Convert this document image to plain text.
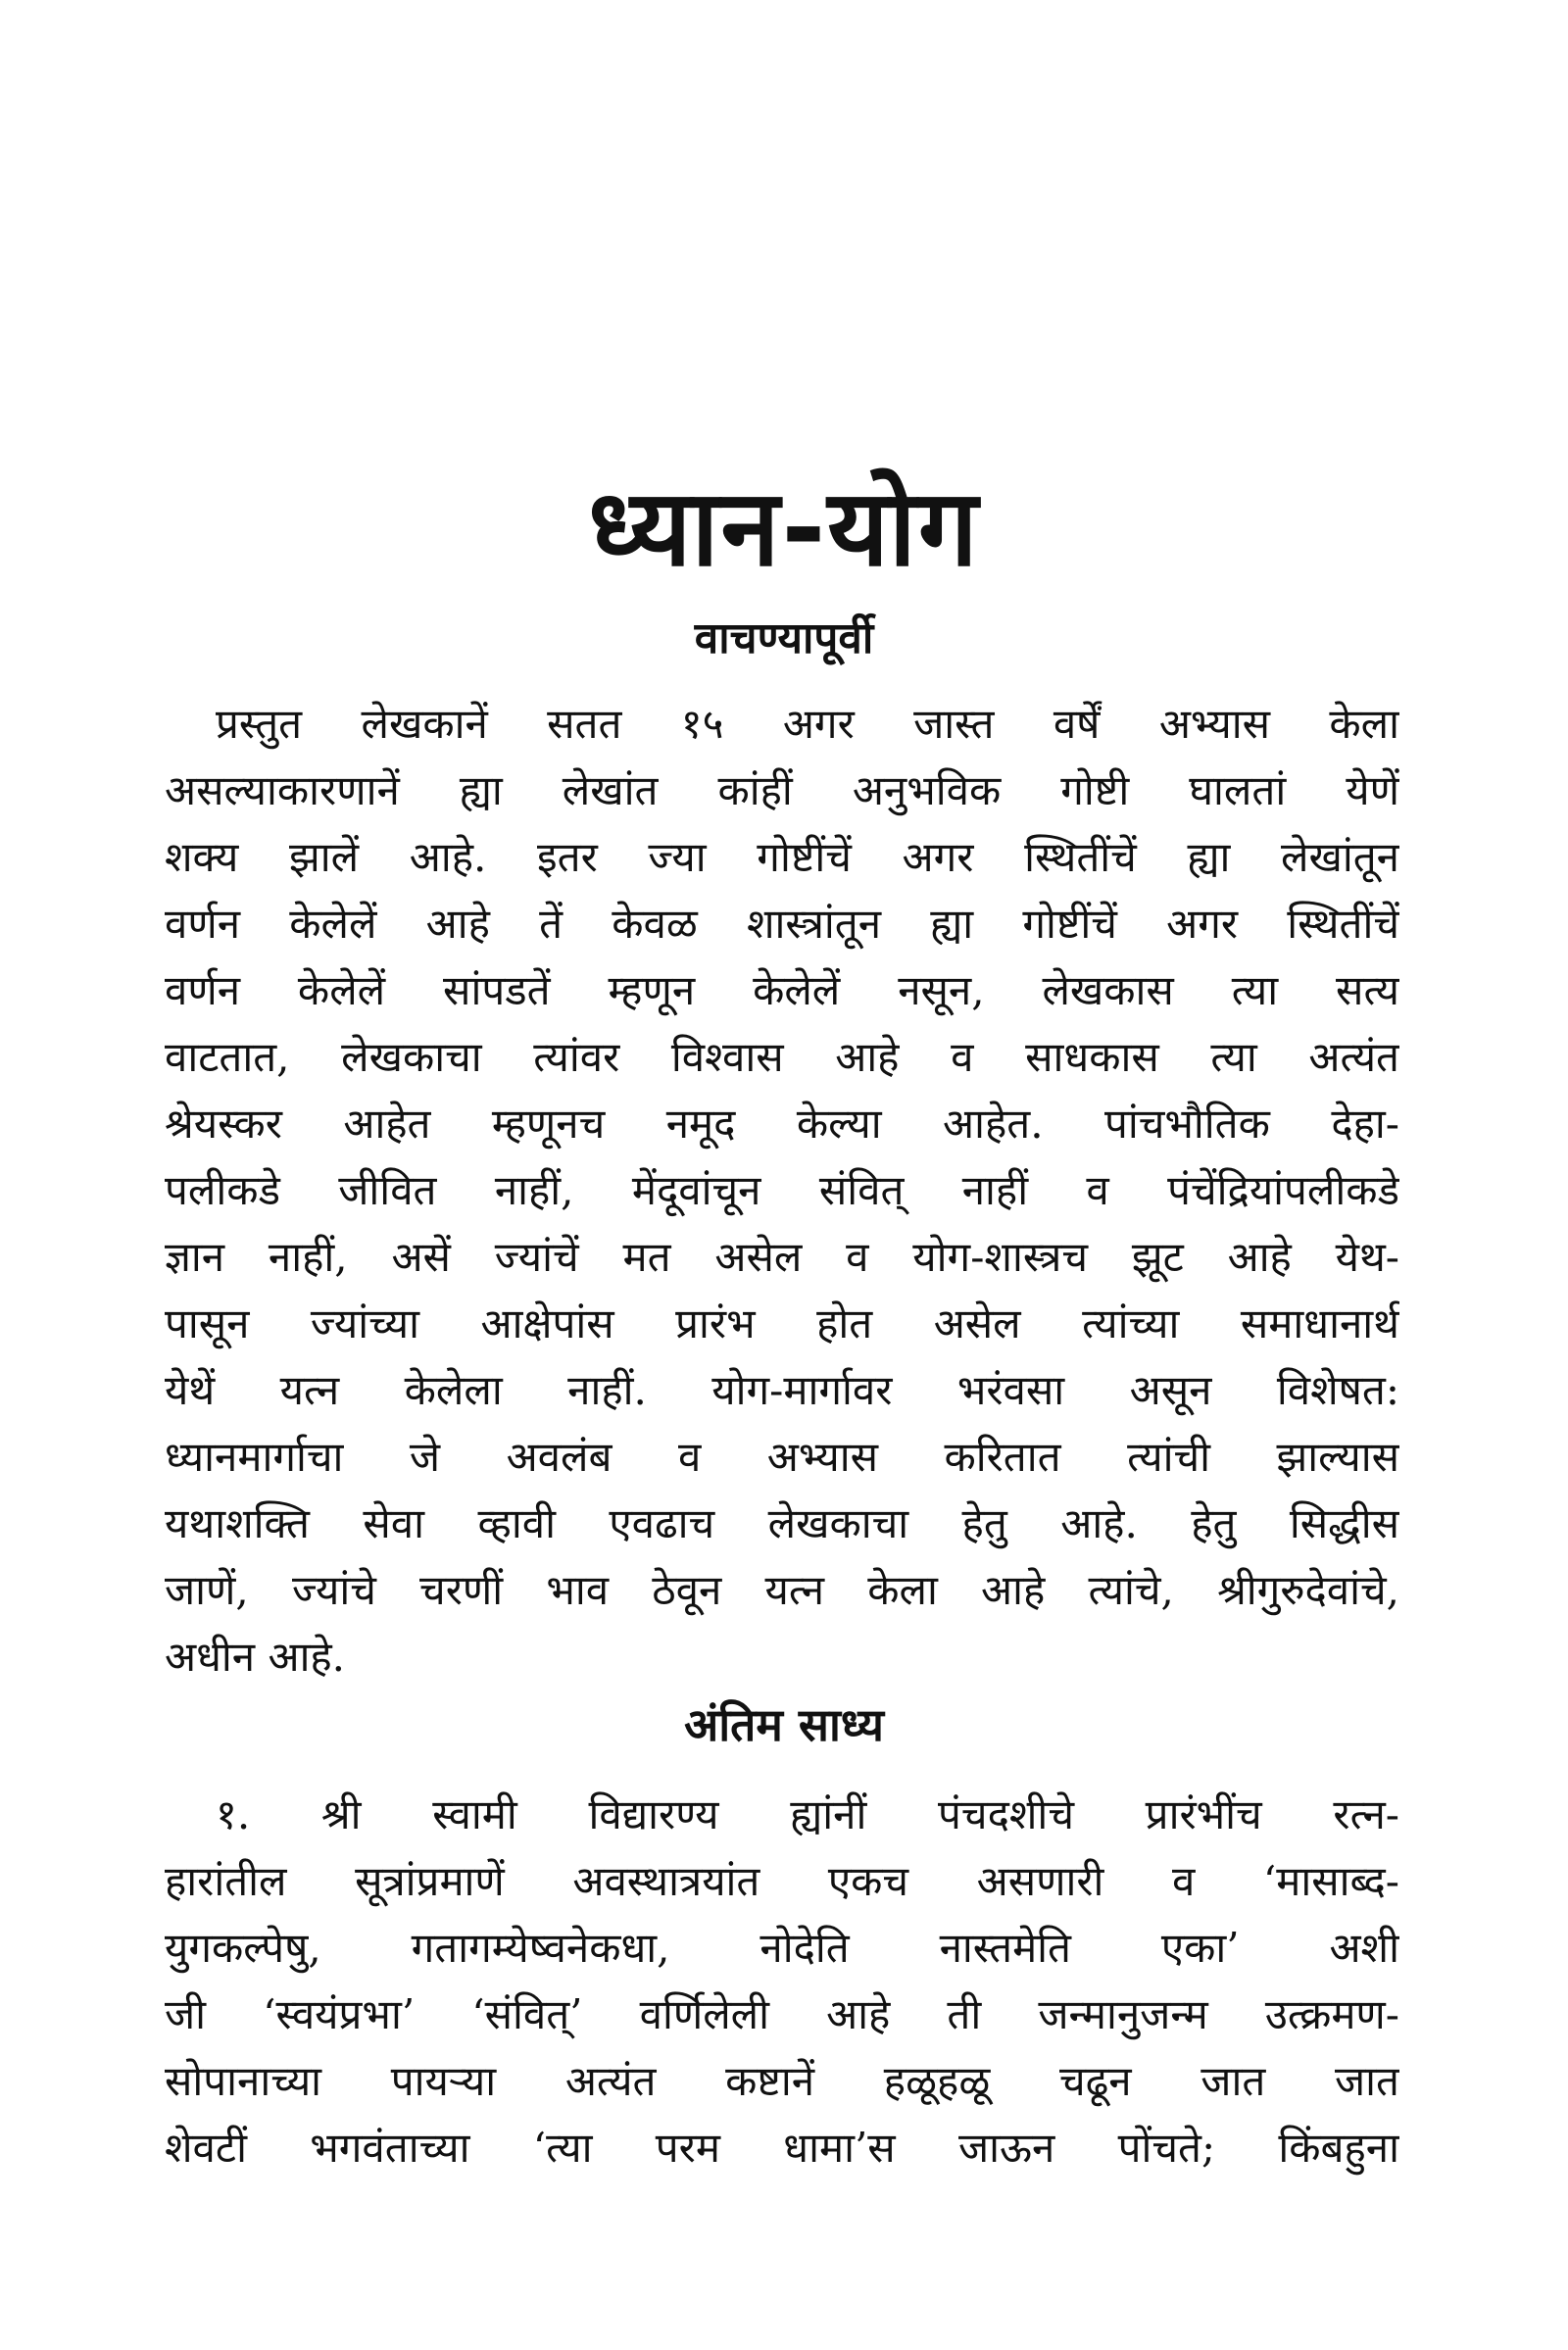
ध्यान-योग
वाचण्यापूर्वी
प्रस्तुत लेखकानें सतत १५ अगर जास्त वर्षें अभ्यास केला
असल्याकारणानें ह्या लेखांत कांहीं अनुभविक गोष्टी घालतां येणें
शक्य झालें आहे. इतर ज्या गोष्टींचें अगर स्थितींचें ह्या लेखांतून
वर्णन केलेलें आहे तें केवळ शास्त्रांतून ह्या गोष्टींचें अगर स्थितींचें
वर्णन केलेलें सांपडतें म्हणून केलेलें नसून, लेखकास त्या सत्य
वाटतात, लेखकाचा त्यांवर विश्वास आहे व साधकास त्या अत्यंत
श्रेयस्कर आहेत म्हणूनच नमूद केल्या आहेत. पांचभौतिक देहा-
पलीकडे जीवित नाहीं, मेंदूवांचून संवित् नाहीं व पंचेंद्रियांपलीकडे
ज्ञान नाहीं, असें ज्यांचें मत असेल व योग-शास्त्रच झूट आहे येथ-
पासून ज्यांच्या आक्षेपांस प्रारंभ होत असेल त्यांच्या समाधानार्थ
येथें यत्न केलेला नाहीं. योग-मार्गावर भरंवसा असून विशेषत:
ध्यानमार्गाचा जे अवलंब व अभ्यास करितात त्यांची झाल्यास
यथाशक्ति सेवा व्हावी एवढाच लेखकाचा हेतु आहे. हेतु सिद्धीस
जाणें, ज्यांचे चरणीं भाव ठेवून यत्न केला आहे त्यांचे, श्रीगुरुदेवांचे,
अधीन आहे.
अंतिम साध्य
१. श्री स्वामी विद्यारण्य ह्यांनीं पंचदशीचे प्रारंभींच रत्न-
हारांतील सूत्रांप्रमाणें अवस्थात्रयांत एकच असणारी व ‘मासाब्द-
युगकल्पेषु, गतागम्येष्वनेकधा, नोदेति नास्तमेति एका’ अशी
जी ‘स्वयंप्रभा’ ‘संवित्’ वर्णिलेली आहे ती जन्मानुजन्म उत्क्रमण-
सोपानाच्या पायऱ्या अत्यंत कष्टानें हळूहळू चढून जात जात
शेवटीं भगवंताच्या ‘त्या परम धामा’स जाऊन पोंचते; किंबहुना
